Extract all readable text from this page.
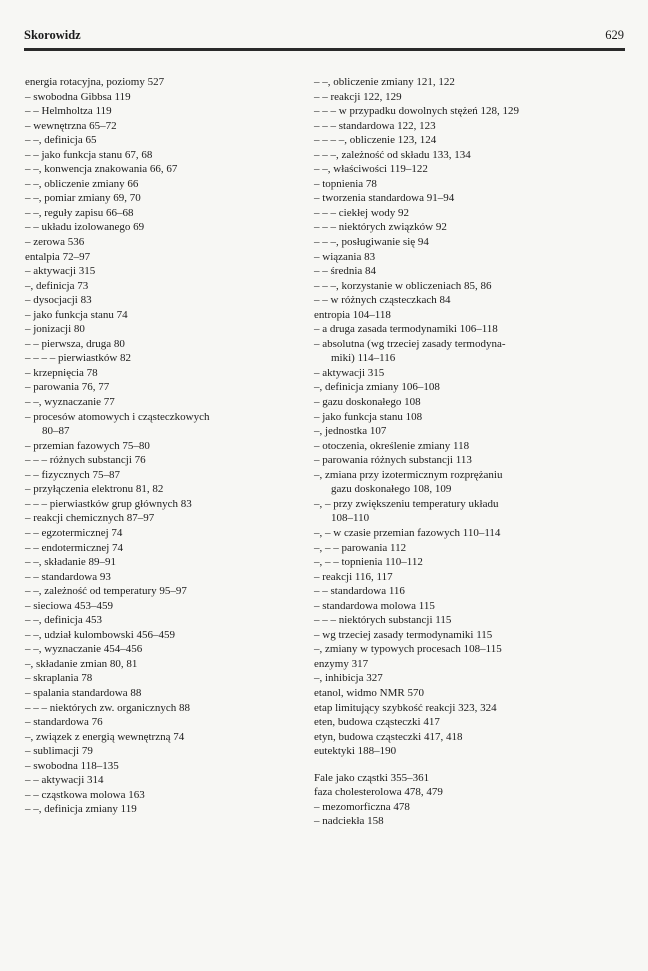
Skorowidz	629
energia rotacyjna, poziomy 527
– swobodna Gibbsa 119
– – Helmholtza 119
– wewnętrzna 65–72
– –, definicja 65
– – jako funkcja stanu 67, 68
– –, konwencja znakowania 66, 67
– –, obliczenie zmiany 66
– –, pomiar zmiany 69, 70
– –, reguły zapisu 66–68
– – układu izolowanego 69
– zerowa 536
entalpia 72–97
– aktywacji 315
–, definicja 73
– dysocjacji 83
– jako funkcja stanu 74
– jonizacji 80
– – pierwsza, druga 80
– – – – pierwiastków 82
– krzepnięcia 78
– parowania 76, 77
– –, wyznaczanie 77
– procesów atomowych i cząsteczkowych
80–87
– przemian fazowych 75–80
– – – różnych substancji 76
– – fizycznych 75–87
– przyłączenia elektronu 81, 82
– – – pierwiastków grup głównych 83
– reakcji chemicznych 87–97
– – egzotermicznej 74
– – endotermicznej 74
– –, składanie 89–91
– – standardowa 93
– –, zależność od temperatury 95–97
– sieciowa 453–459
– –, definicja 453
– –, udział kulombowski 456–459
– –, wyznaczanie 454–456
–, składanie zmian 80, 81
– skraplania 78
– spalania standardowa 88
– – – niektórych zw. organicznych 88
– standardowa 76
–, związek z energią wewnętrzną 74
– sublimacji 79
– swobodna 118–135
– – aktywacji 314
– – cząstkowa molowa 163
– –, definicja zmiany 119
– –, obliczenie zmiany 121, 122
– – reakcji 122, 129
– – – w przypadku dowolnych stężeń 128, 129
– – – standardowa 122, 123
– – – –, obliczenie 123, 124
– – –, zależność od składu 133, 134
– –, właściwości 119–122
– topnienia 78
– tworzenia standardowa 91–94
– – – ciekłej wody 92
– – – niektórych związków 92
– – –, posługiwanie się 94
– wiązania 83
– – średnia 84
– – –, korzystanie w obliczeniach 85, 86
– – w różnych cząsteczkach 84
entropia 104–118
– a druga zasada termodynamiki 106–118
– absolutna (wg trzeciej zasady termodyna-
miki) 114–116
– aktywacji 315
–, definicja zmiany 106–108
– gazu doskonałego 108
– jako funkcja stanu 108
–, jednostka 107
– otoczenia, określenie zmiany 118
– parowania różnych substancji 113
–, zmiana przy izotermicznym rozprężaniu
gazu doskonałego 108, 109
–, – przy zwiększeniu temperatury układu
108–110
–, – w czasie przemian fazowych 110–114
–, – – parowania 112
–, – – topnienia 110–112
– reakcji 116, 117
– – standardowa 116
– standardowa molowa 115
– – – niektórych substancji 115
– wg trzeciej zasady termodynamiki 115
–, zmiany w typowych procesach 108–115
enzymy 317
–, inhibicja 327
etanol, widmo NMR 570
etap limitujący szybkość reakcji 323, 324
eten, budowa cząsteczki 417
etyn, budowa cząsteczki 417, 418
eutektyki 188–190
Fale jako cząstki 355–361
faza cholesterolowa 478, 479
– mezomorficzna 478
– nadciekła 158
